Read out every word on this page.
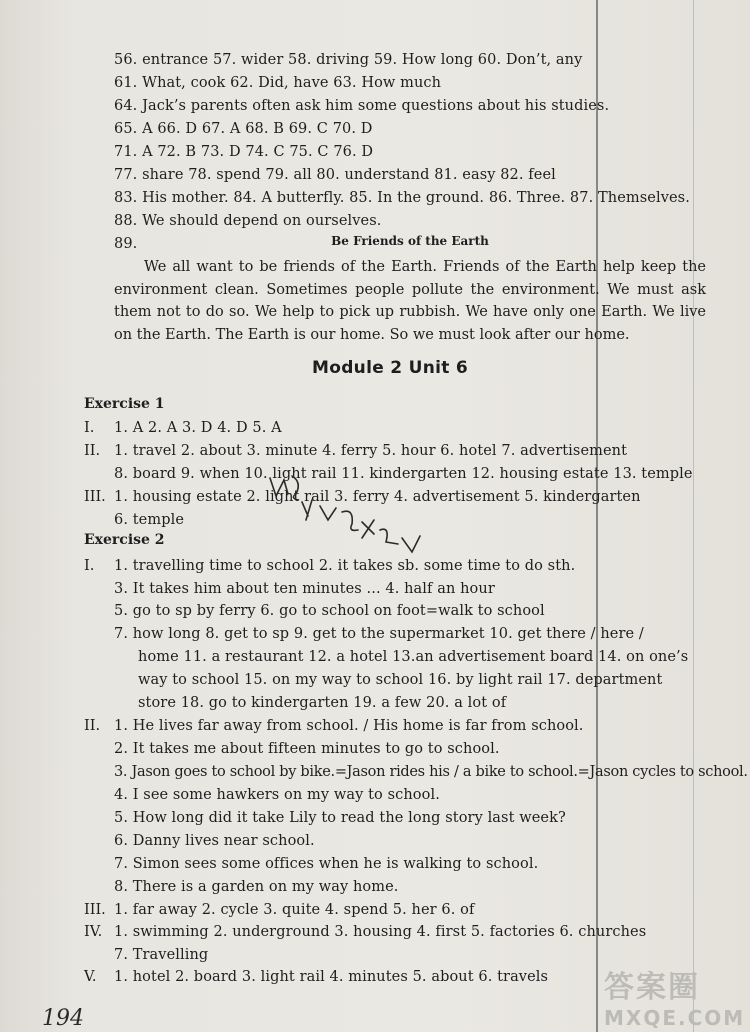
56. entrance 57. wider 58. driving 59. How long 60. Don’t, any
61. What, cook 62. Did, have 63. How much
64. Jack’s parents often ask him some questions about his studies.
65. A 66. D 67. A 68. B 69. C 70. D
71. A 72. B 73. D 74. C 75. C 76. D
77. share 78. spend 79. all 80. understand 81. easy 82. feel
83. His mother. 84. A butterfly. 85. In the ground. 86. Three. 87. Themselves.
88. We should depend on ourselves.
89.	Be Friends of the Earth
We all want to be friends of the Earth. Friends of the Earth help keep the environment clean. Sometimes people pollute the environment. We must ask them not to do so. We help to pick up rubbish. We have only one Earth. We live on the Earth. The Earth is our home. So we must look after our home.
Module 2 Unit 6
Exercise 1
I. 1. A 2. A 3. D 4. D 5. A
II. 1. travel 2. about 3. minute 4. ferry 5. hour 6. hotel 7. advertisement
8. board 9. when 10. light rail 11. kindergarten 12. housing estate 13. temple
III. 1. housing estate 2. light rail 3. ferry 4. advertisement 5. kindergarten
6. temple
Exercise 2
I. 1. travelling time to school 2. it takes sb. some time to do sth.
3. It takes him about ten minutes ... 4. half an hour
5. go to sp by ferry 6. go to school on foot=walk to school
7. how long 8. get to sp 9. get to the supermarket 10. get there / here /
home 11. a restaurant 12. a hotel 13.an advertisement board 14. on one’s
way to school 15. on my way to school 16. by light rail 17. department
store 18. go to kindergarten 19. a few 20. a lot of
II. 1. He lives far away from school. / His home is far from school.
2. It takes me about fifteen minutes to go to school.
3. Jason goes to school by bike.=Jason rides his / a bike to school.=Jason cycles to school.
4. I see some hawkers on my way to school.
5. How long did it take Lily to read the long story last week?
6. Danny lives near school.
7. Simon sees some offices when he is walking to school.
8. There is a garden on my way home.
III. 1. far away 2. cycle 3. quite 4. spend 5. her 6. of
IV. 1. swimming 2. underground 3. housing 4. first 5. factories 6. churches
7. Travelling
V. 1. hotel 2. board 3. light rail 4. minutes 5. about 6. travels
194
答案圈
MXQE.COM
